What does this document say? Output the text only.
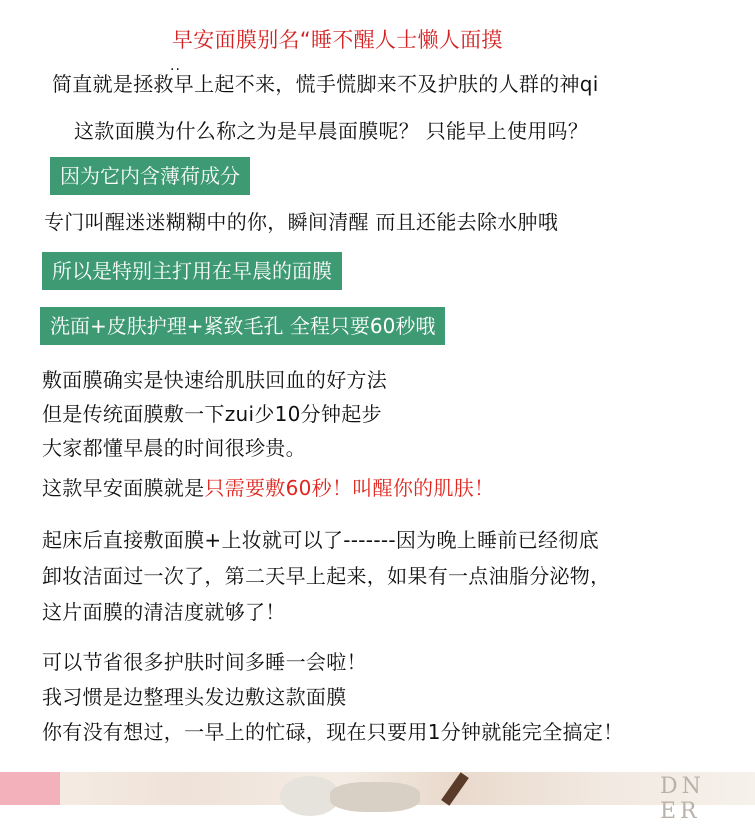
早安面膜别名“睡不醒人士懒人面摸
..
简直就是拯救早上起不来，慌手慌脚来不及护肤的人群的神qi
这款面膜为什么称之为是早晨面膜呢？ 只能早上使用吗？
因为它内含薄荷成分
专门叫醒迷迷糊糊中的你，瞬间清醒 而且还能去除水肿哦
所以是特别主打用在早晨的面膜
洗面+皮肤护理+紧致毛孔 全程只要60秒哦
敷面膜确实是快速给肌肤回血的好方法
但是传统面膜敷一下zui少10分钟起步
大家都懂早晨的时间很珍贵。
这款早安面膜就是只需要敷60秒！叫醒你的肌肤！
起床后直接敷面膜+上妆就可以了-------因为晚上睡前已经彻底
卸妆洁面过一次了，第二天早上起来，如果有一点油脂分泌物，
这片面膜的清洁度就够了！
可以节省很多护肤时间多睡一会啦！
我习惯是边整理头发边敷这款面膜
你有没有想过，一早上的忙碌，现在只要用1分钟就能完全搞定！
DN ER
